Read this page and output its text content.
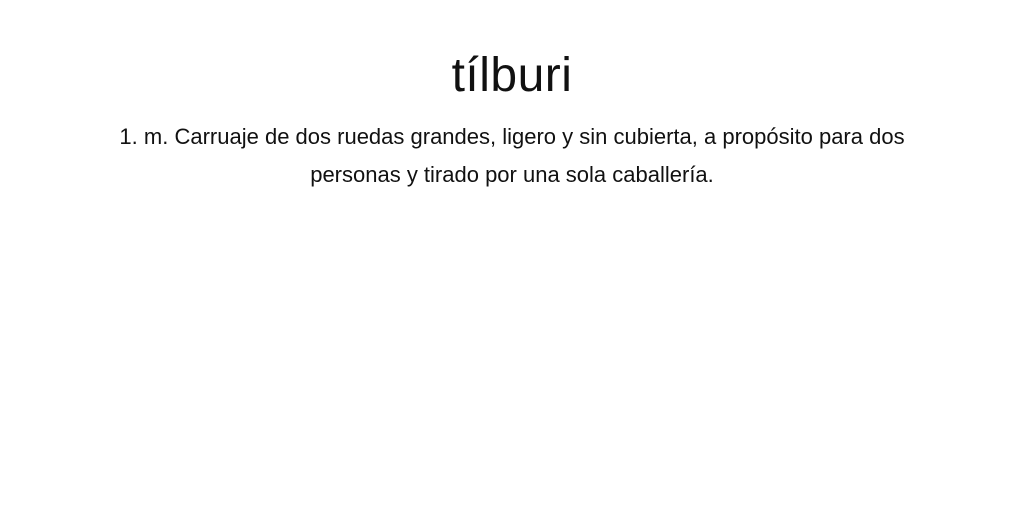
tílburi

1. m. Carruaje de dos ruedas grandes, ligero y sin cubierta, a propósito para dos personas y tirado por una sola caballería.
